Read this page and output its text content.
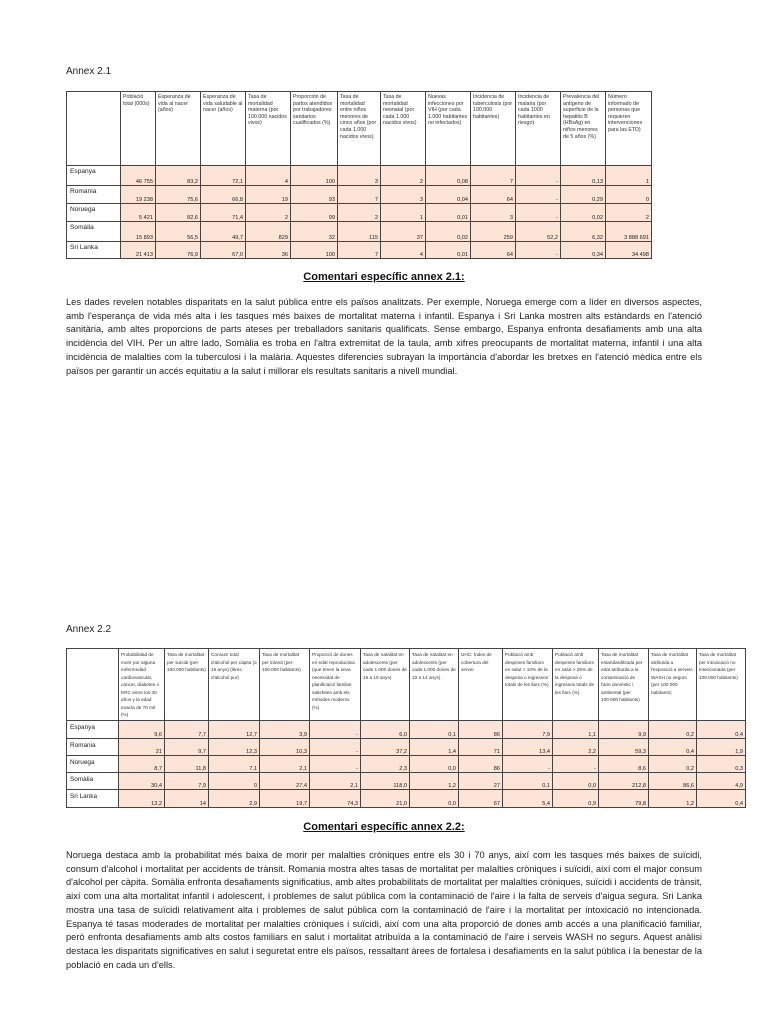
Annex 2.1
	Població total (000s)	Esperanza de vida al nacer (años)	Esperanza de vida saludable al nacer (años)	Tasa de mortalidad materna (por 100.000 nacidos vivos)	Proporción de partos atendidos por trabajadores sanitarios cualificados (%)	Tasa de mortalidad entre niños menores de cinco años (por cada 1.000 nacidos vivos)	Tasa de mortalidad neonatal (por cada 1.000 nacidos vivos)	Nuevas infecciones por VIH (por cada 1.000 habitantes no infectados)	Incidencia de tuberculosis (por 100.000 habitantes)	Incidencia de malaria (por cada 1000 habitantes en riesgo)	Prevalencia del antígeno de superficie de la hepatitis B (HBsAg) en niños menores de 5 años (%)	Número informado de personas que requieren intervenciones para las ETD)
Espanya	46 755	83,2	72,1	4	100	3	2	0,08	7	-	0,13	1
Romania	19 238	75,6	66,8	19	93	7	3	0,04	64	-	0,29	0
Noruega	5 421	82,6	71,4	2	99	2	1	0,01	3	-	0,02	2
Somàlia	15 893	56,5	49,7	829	32	115	37	0,02	259	52,2	6,32	3 888 691
Sri Lanka	21 413	76,9	67,0	36	100	7	4	0,01	64	-	0,34	34 498
Comentari específic annex 2.1:
Les dades revelen notables disparitats en la salut pública entre els països analitzats. Per exemple, Noruega emerge com a líder en diversos aspectes, amb l'esperança de vida més alta i les tasques més baixes de mortalitat materna i infantil. Espanya i Sri Lanka mostren alts estàndards en l'atenció sanitària, amb altes proporcions de parts ateses per treballadors sanitaris qualificats. Sense embargo, Espanya enfronta desafiaments amb una alta incidència del VIH. Per un altre lado, Somàlia es troba en l'altra extremitat de la taula, amb xifres preocupants de mortalitat materna, infantil i una alta incidència de malalties com la tuberculosi i la malària. Aquestes diferencies subrayan la importància d'abordar les bretxes en l'atenció mèdica entre els països per garantir un accés equitatiu a la salut i millorar els resultats sanitaris a nivell mundial.
Annex 2.2
	Probabilidad de morir por alguna enfermedad cardiovascular, cáncer, diabetes o ERC entre los 30 años y la edad exacta de 70 mil (%)	Tasa de mortalitat per suïcidi (per 100.000 habitants)	Consum total d'alcohol per càpita (≥ 15 anys) (litres d'alcohol pur)	Taxa de mortalitat per trànsit (per 100.000 habitants)	Proporció de dones en edat reproductiva (que tenen la seva necessitat de planificació familiar satisfetes amb els mètodes moderns (%)	Taxa de natalitat en adolescents (per cada 1.000 dones de 15 a 19 anys)	Taxa de natalitat en adolescents (per cada 1.000 dones de 10 a 14 anys)	UHC: Índex de cobertura del servei	Població amb despeses familiars en salut > 10% de la despesa o ingressos totals de les llars (%)	Població amb despeses familiars en salut > 25% de la despesa o ingressos totals de les llars (%)	Taxa de mortalitat estandarditzada per edat atribuïda a la contaminació de l'aire domèstic i ambiental (per 100.000 habitants)	Taxa de mortalitat atribuïda a l'exposició a serveis WASH no segurs (per 100 000 habitants)	Taxa de mortalitat per intoxicació no intencionada (per 100.000 habitants)
Espanya	9,6	7,7	12,7	3,9	-	6,0	0,1	86	7,9	1,1	9,9	0,2	0,4
Romania	21	9,7	12,3	10,3	-	37,2	1,4	71	13,4	2,2	59,3	0,4	1,9
Noruega	8,7	11,8	7,1	2,1	-	2,3	0,0	86	-	-	8,6	0,2	0,3
Somàlia	30,4	7,9	0	27,4	2,1	118,0	1,2	27	0,1	0,0	212,8	86,6	4,9
Sri Lanka	13,2	14	2,9	19,7	74,3	21,0	0,0	67	5,4	0,9	79,8	1,2	0,4
Comentari específic annex 2.2:
Noruega destaca amb la probabilitat més baixa de morir per malalties cròniques entre els 30 i 70 anys, així com les tasques més baixes de suïcidi, consum d'alcohol i mortalitat per accidents de trànsit. Romania mostra altes tasas de mortalitat per malalties cròniques i suïcidi, així com el major consum d'alcohol per càpita. Somàlia enfronta desafiaments significatius, amb altes probabilitats de mortalitat per malalties cròniques, suïcidi i accidents de trànsit, així com una alta mortalitat infantil i adolescent, i problemes de salut pública com la contaminació de l'aire i la falta de serveis d'aigua segura. Sri Lanka mostra una tasa de suïcidi relativament alta i problemes de salut pública com la contaminació de l'aire i la mortalitat per intoxicació no intencionada. Espanya té tasas moderades de mortalitat per malalties cròniques i suïcidi, així com una alta proporció de dones amb accés a una planificació familiar, però enfronta desafiaments amb alts costos familiars en salut i mortalitat atribuïda a la contaminació de l'aire i serveis WASH no segurs. Aquest anàlisi destaca les disparitats significatives en salut i seguretat entre els països, ressaltant àrees de fortalesa i desafiaments en la salut pública i la benestar de la població en cada un d'ells.
